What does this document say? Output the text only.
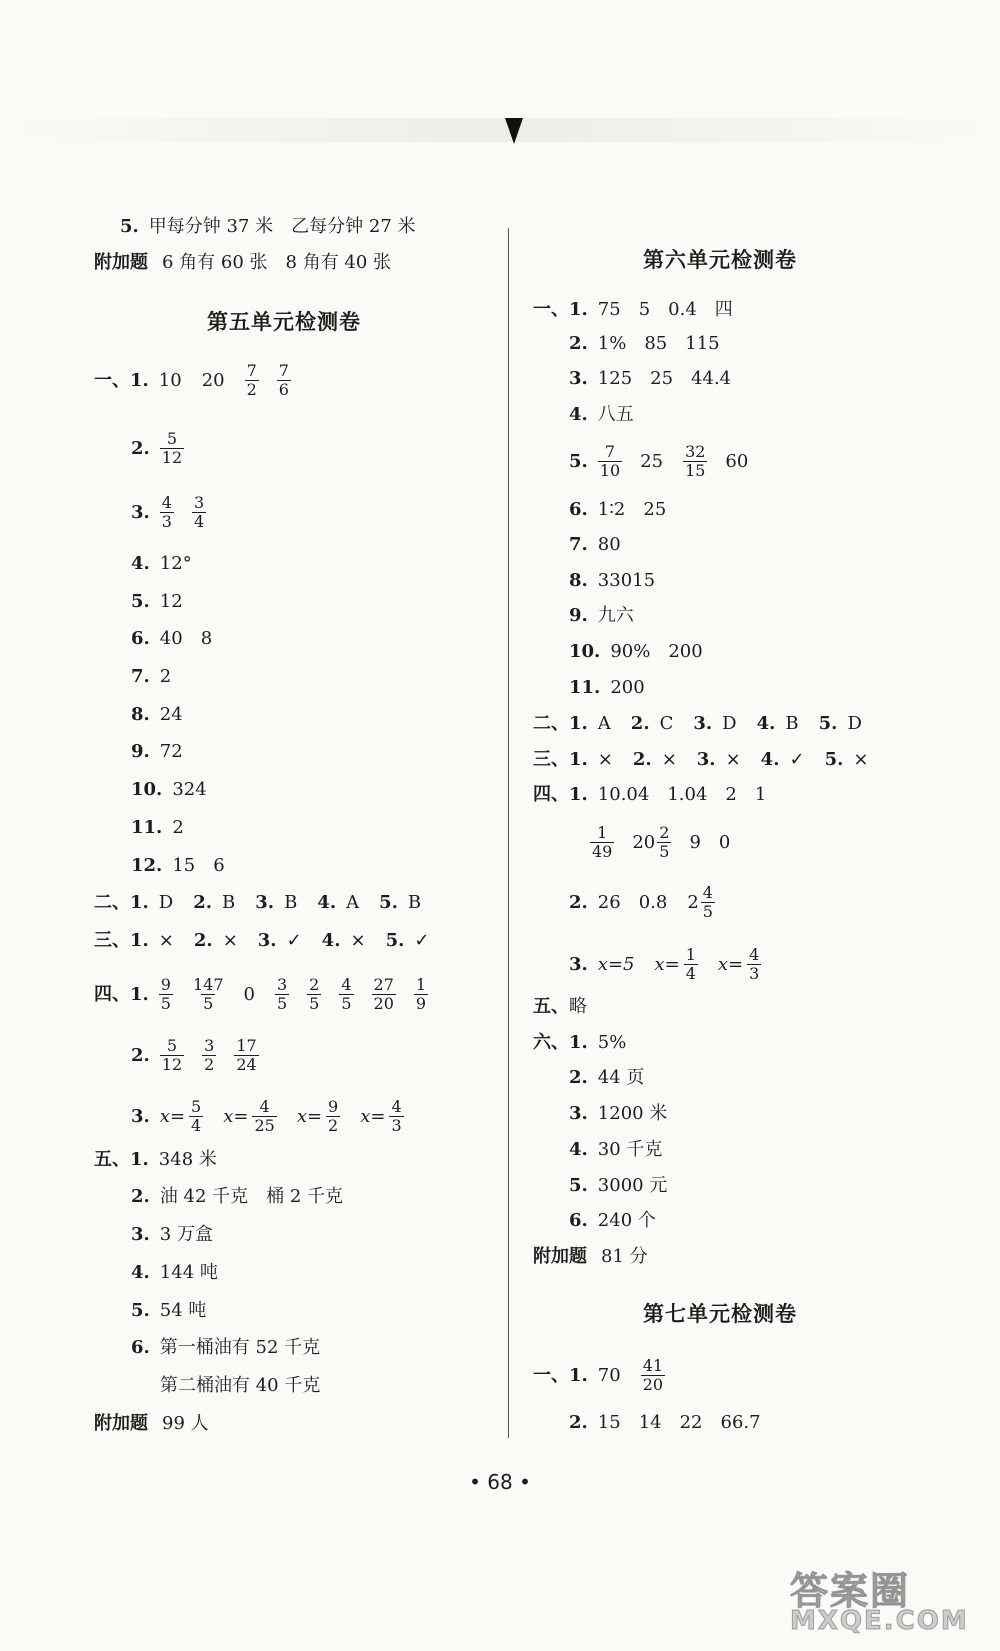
5. 甲每分钟 37 米　乙每分钟 27 米
附加题 6 角有 60 张　8 角有 40 张
第五单元检测卷
一、1. 10 $20 \frac{7}{2} \frac{7}{6}$
2. $\frac{5}{12}$
3. $\frac{4}{3} \frac{3}{4}$
4. 12°
5. 12
6. 40　8
7. 2
8. 24
9. 72
10. 324
11. 2
12. 15　6
二、1. D 2. B 3. B 4. A 5. B
三、1. × 2. × 3. ✓ 4. × 5. ✓
四、1. $\frac{9}{5} \frac{147}{5} 0 \frac{3}{5} \frac{2}{5} \frac{4}{5} \frac{27}{20} \frac{1}{9}$
2. $\frac{5}{12} \frac{3}{2} \frac{17}{24}$
3. $x= \frac{5}{4} x= \frac{4}{25} x= \frac{9}{2} x= \frac{4}{3}$
五、1. 348 米
2. 油 42 千克　桶 2 千克
3. 3 万盒
4. 144 吨
5. 54 吨
6. 第一桶油有 52 千克
第二桶油有 40 千克
附加题 99 人
第六单元检测卷
一、1. 75　5　0.4　四
2. 1%　85　115
3. 125　25　44.4
4. 八五
5. $\frac{7}{10} 25 \frac{32}{15} 60$
6. 1∶2　25
7. 80
8. 33015
9. 九六
10. 90%　200
11. 200
二、1. A 2. C 3. D 4. B 5. D
三、1. × 2. × 3. × 4. ✓ 5. ×
四、1. 10.04　1.04　2　1
$\frac{1}{49} 20 \frac{2}{5} 9$　0
2. 26　0.8 $2 \frac{4}{5}$
3. x=5 $x= \frac{1}{4} x= \frac{4}{3}$
五、 略
六、1. 5%
2. 44 页
3. 1200 米
4. 30 千克
5. 3000 元
6. 240 个
附加题 81 分
第七单元检测卷
一、1. $70 \frac{41}{20}$
2. 15　14　22　66.7
• 68 •
答案圈
MXQE.COM
